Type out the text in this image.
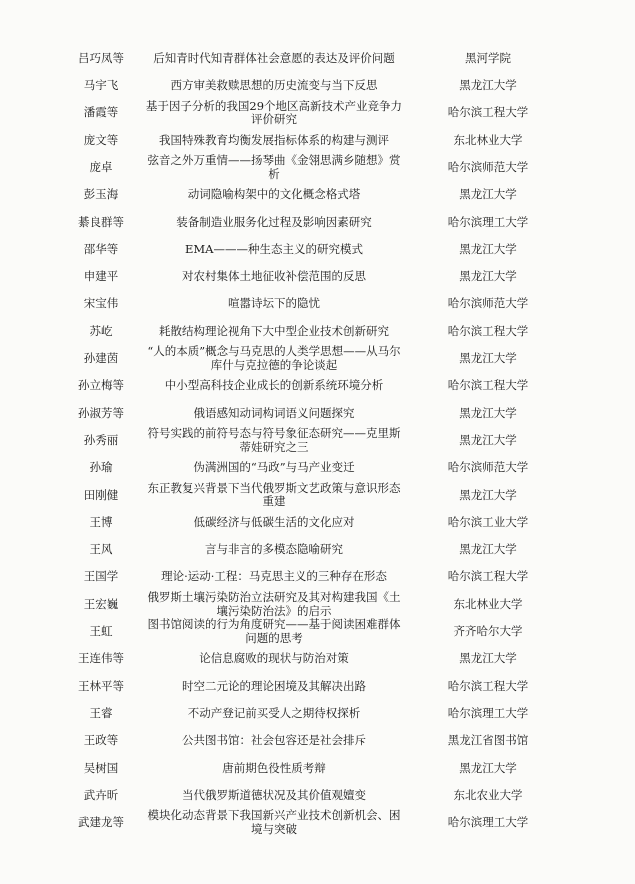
吕巧凤等	后知青时代知青群体社会意愿的表达及评价问题	黑河学院
马宇飞	西方审美救赎思想的历史流变与当下反思	黑龙江大学
潘霞等	基于因子分析的我国29个地区高新技术产业竞争力评价研究	哈尔滨工程大学
庞文等	我国特殊教育均衡发展指标体系的构建与测评	东北林业大学
庞卓	弦音之外万重情——扬琴曲《金翎思满乡随想》赏析	哈尔滨师范大学
彭玉海	动词隐喻构架中的文化概念格式塔	黑龙江大学
綦良群等	装备制造业服务化过程及影响因素研究	哈尔滨理工大学
邵华等	EMA———种生态主义的研究模式	黑龙江大学
申建平	对农村集体土地征收补偿范围的反思	黑龙江大学
宋宝伟	喧嚣诗坛下的隐忧	哈尔滨师范大学
苏屹	耗散结构理论视角下大中型企业技术创新研究	哈尔滨工程大学
孙建茵	“人的本质”概念与马克思的人类学思想——从马尔库什与克拉德的争论谈起	黑龙江大学
孙立梅等	中小型高科技企业成长的创新系统环境分析	哈尔滨工程大学
孙淑芳等	俄语感知动词构词语义问题探究	黑龙江大学
孙秀丽	符号实践的前符号态与符号象征态研究——克里斯蒂娃研究之三	黑龙江大学
孙瑜	伪满洲国的“马政”与马产业变迁	哈尔滨师范大学
田刚健	东正教复兴背景下当代俄罗斯文艺政策与意识形态重建	黑龙江大学
王博	低碳经济与低碳生活的文化应对	哈尔滨工业大学
王风	言与非言的多模态隐喻研究	黑龙江大学
王国学	理论·运动·工程：马克思主义的三种存在形态	哈尔滨工程大学
王宏巍	俄罗斯土壤污染防治立法研究及其对构建我国《土壤污染防治法》的启示	东北林业大学
王虹	图书馆阅读的行为角度研究——基于阅读困难群体问题的思考	齐齐哈尔大学
王连伟等	论信息腐败的现状与防治对策	黑龙江大学
王林平等	时空二元论的理论困境及其解决出路	哈尔滨工程大学
王睿	不动产登记前买受人之期待权探析	哈尔滨理工大学
王政等	公共图书馆：社会包容还是社会排斥	黑龙江省图书馆
吴树国	唐前期色役性质考辩	黑龙江大学
武卉昕	当代俄罗斯道德状况及其价值观嬗变	东北农业大学
武建龙等	模块化动态背景下我国新兴产业技术创新机会、困境与突破	哈尔滨理工大学
